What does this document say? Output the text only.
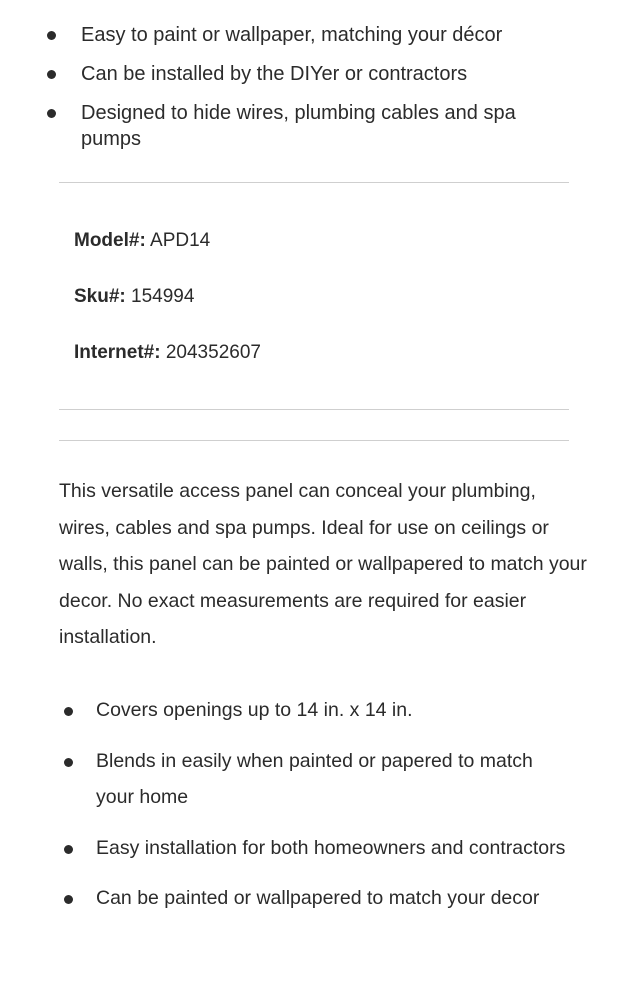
Easy to paint or wallpaper, matching your décor
Can be installed by the DIYer or contractors
Designed to hide wires, plumbing cables and spa pumps
Model#: APD14
Sku#: 154994
Internet#: 204352607

This versatile access panel can conceal your plumbing, wires, cables and spa pumps. Ideal for use on ceilings or walls, this panel can be painted or wallpapered to match your decor. No exact measurements are required for easier installation.

Covers openings up to 14 in. x 14 in.
Blends in easily when painted or papered to match your home
Easy installation for both homeowners and contractors
Can be painted or wallpapered to match your decor
